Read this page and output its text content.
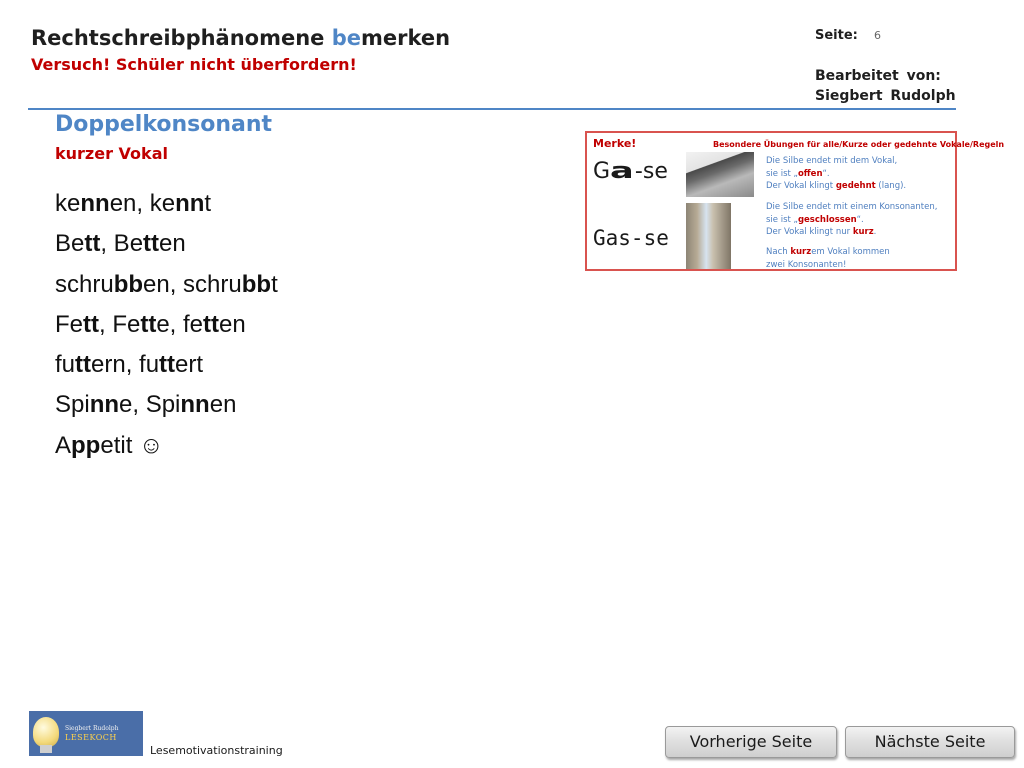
Rechtschreibphänomene bemerken
Versuch! Schüler nicht überfordern!
Seite: 6
Bearbeitet von:
Siegbert Rudolph
Doppelkonsonant
kurzer Vokal
kennen, kennt
Bett, Betten
schrubben, schrubbt
Fett, Fette, fetten
futtern, futtert
Spinne, Spinnen
Appetit ☺
Merke!	Besondere Übungen für alle/Kurze oder gedehnte Vokale/Regeln
Ga-se
Gas-se
Die Silbe endet mit dem Vokal,
sie ist „offen“.
Der Vokal klingt gedehnt (lang).
Die Silbe endet mit einem Konsonanten,
sie ist „geschlossen“.
Der Vokal klingt nur kurz.
Nach kurzem Vokal kommen
zwei Konsonanten!
Siegbert Rudolph
LESEKOCH
Lesemotivationstraining	Vorherige Seite	Nächste Seite
